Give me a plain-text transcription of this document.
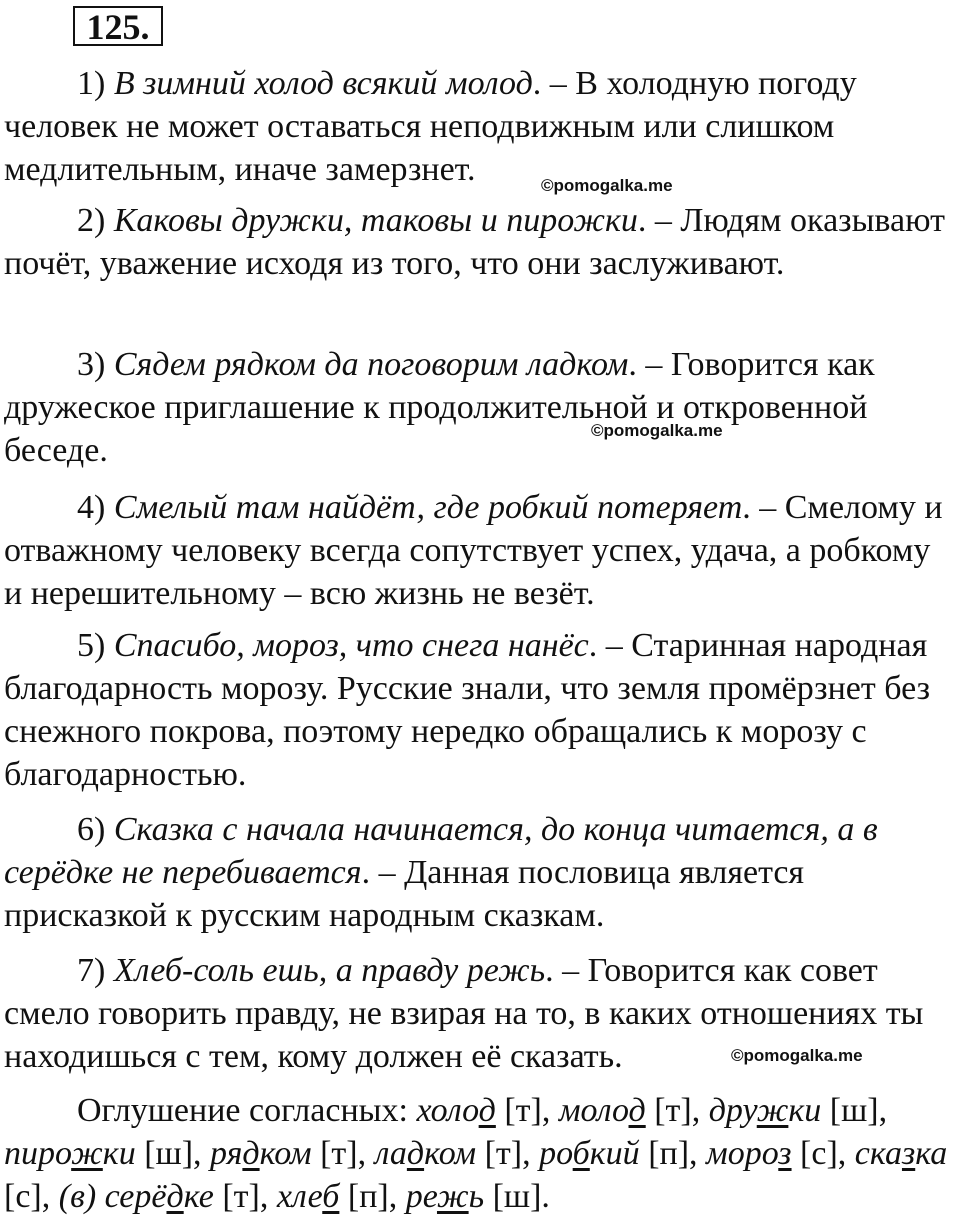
125.

1) В зимний холод всякий молод. – В холодную погоду человек не может оставаться неподвижным или слишком медлительным, иначе замерзнет.	©pomogalka.me

2) Каковы дружки, таковы и пирожки. – Людям оказывают почёт, уважение исходя из того, что они заслуживают.

3) Сядем рядком да поговорим ладком. – Говорится как дружеское приглашение к продолжительной и откровенной беседе.

©pomogalka.me

4) Смелый там найдёт, где робкий потеряет. – Смелому и отважному человеку всегда сопутствует успех, удача, а робкому и нерешительному – всю жизнь не везёт.

5) Спасибо, мороз, что снега нанёс. – Старинная народная благодарность морозу. Русские знали, что земля промёрзнет без снежного покрова, поэтому нередко обращались к морозу с благодарностью.

6) Сказка с начала начинается, до конца читается, а в серёдке не перебивается. – Данная пословица является присказкой к русским народным сказкам.

7) Хлеб-соль ешь, а правду режь. – Говорится как совет смело говорить правду, не взирая на то, в каких отношениях ты находишься с тем, кому должен её сказать.	©pomogalka.me

Оглушение согласных: холод [т], молод [т], дружки [ш], пирожки [ш], рядком [т], ладком [т], робкий [п], мороз [с], сказка [с], (в) серёдке [т], хлеб [п], режь [ш].
